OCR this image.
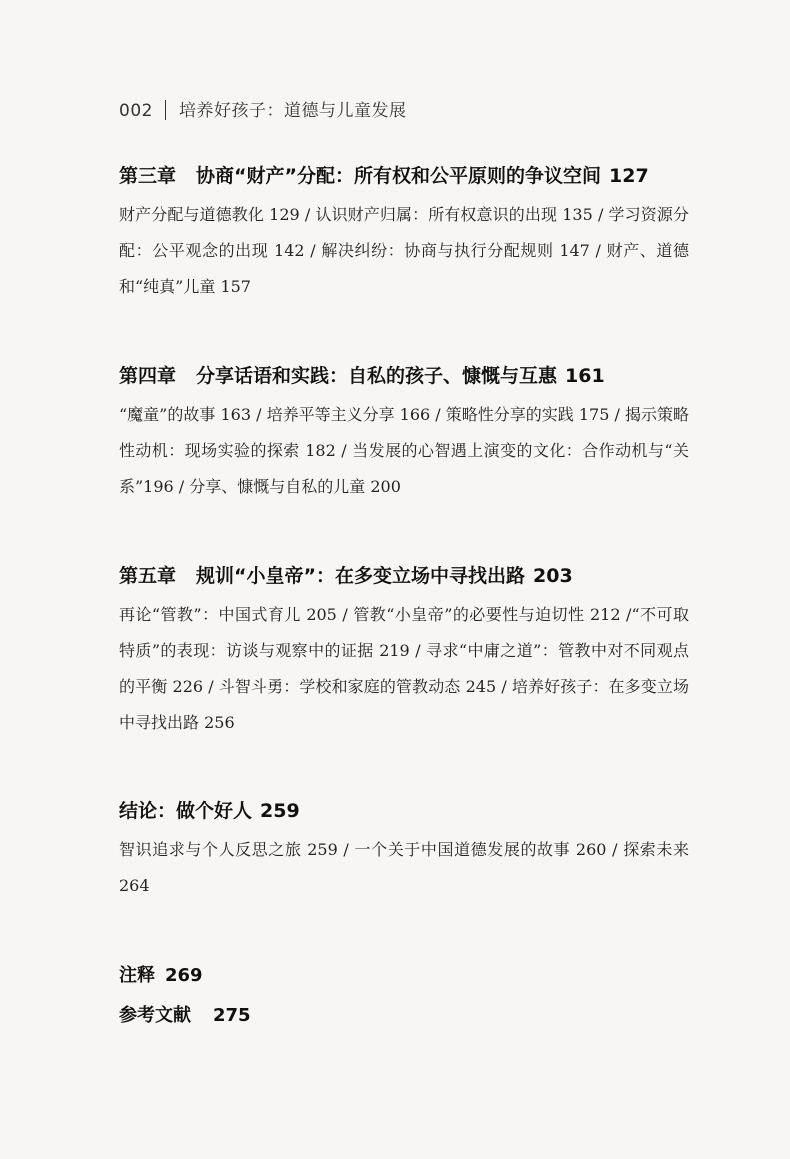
002 培养好孩子：道德与儿童发展
第三章 协商“财产”分配：所有权和公平原则的争议空间 127
财产分配与道德教化 129 / 认识财产归属：所有权意识的出现 135 / 学习资源分配：公平观念的出现 142 / 解决纠纷：协商与执行分配规则 147 / 财产、道德和“纯真”儿童 157
第四章 分享话语和实践：自私的孩子、慷慨与互惠 161
“魔童”的故事 163 / 培养平等主义分享 166 / 策略性分享的实践 175 / 揭示策略性动机：现场实验的探索 182 / 当发展的心智遇上演变的文化：合作动机与“关系”196 / 分享、慷慨与自私的儿童 200
第五章 规训“小皇帝”：在多变立场中寻找出路 203
再论“管教”：中国式育儿 205 / 管教“小皇帝”的必要性与迫切性 212 /“不可取特质”的表现：访谈与观察中的证据 219 / 寻求“中庸之道”：管教中对不同观点的平衡 226 / 斗智斗勇：学校和家庭的管教动态 245 / 培养好孩子：在多变立场中寻找出路 256
结论：做个好人 259
智识追求与个人反思之旅 259 / 一个关于中国道德发展的故事 260 / 探索未来 264
注释 269
参考文献 275
